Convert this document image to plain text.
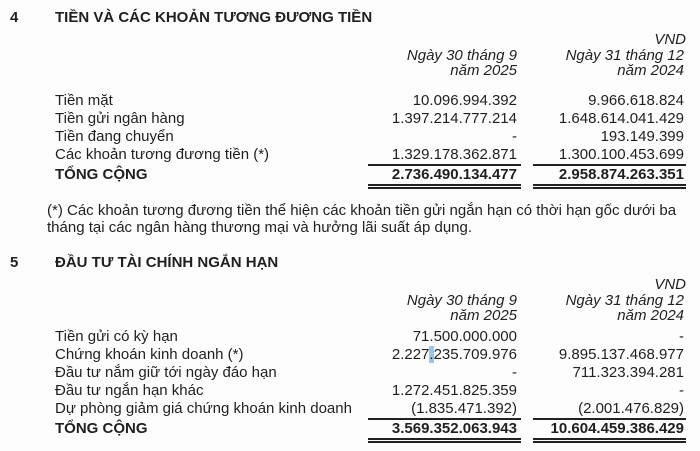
4	TIỀN VÀ CÁC KHOẢN TƯƠNG ĐƯƠNG TIỀN
VND
Ngày 30 tháng 9
năm 2025
Ngày 31 tháng 12
năm 2024
Tiền mặt	10.096.994.392	9.966.618.824
Tiền gửi ngân hàng	1.397.214.777.214	1.648.614.041.429
Tiền đang chuyển	-	193.149.399
Các khoản tương đương tiền (*)	1.329.178.362.871	1.300.100.453.699
TỔNG CỘNG	2.736.490.134.477	2.958.874.263.351
(*) Các khoản tương đương tiền thể hiện các khoản tiền gửi ngắn hạn có thời hạn gốc dưới ba
tháng tại các ngân hàng thương mại và hưởng lãi suất áp dụng.
5	ĐẦU TƯ TÀI CHÍNH NGẮN HẠN
VND
Ngày 30 tháng 9
năm 2025
Ngày 31 tháng 12
năm 2024
Tiền gửi có kỳ hạn	71.500.000.000	-
Chứng khoán kinh doanh (*)	2.227.235.709.976	9.895.137.468.977
Đầu tư nắm giữ tới ngày đáo hạn	-	711.323.394.281
Đầu tư ngắn hạn khác	1.272.451.825.359	-
Dự phòng giảm giá chứng khoán kinh doanh	(1.835.471.392)	(2.001.476.829)
TỔNG CỘNG	3.569.352.063.943	10.604.459.386.429
